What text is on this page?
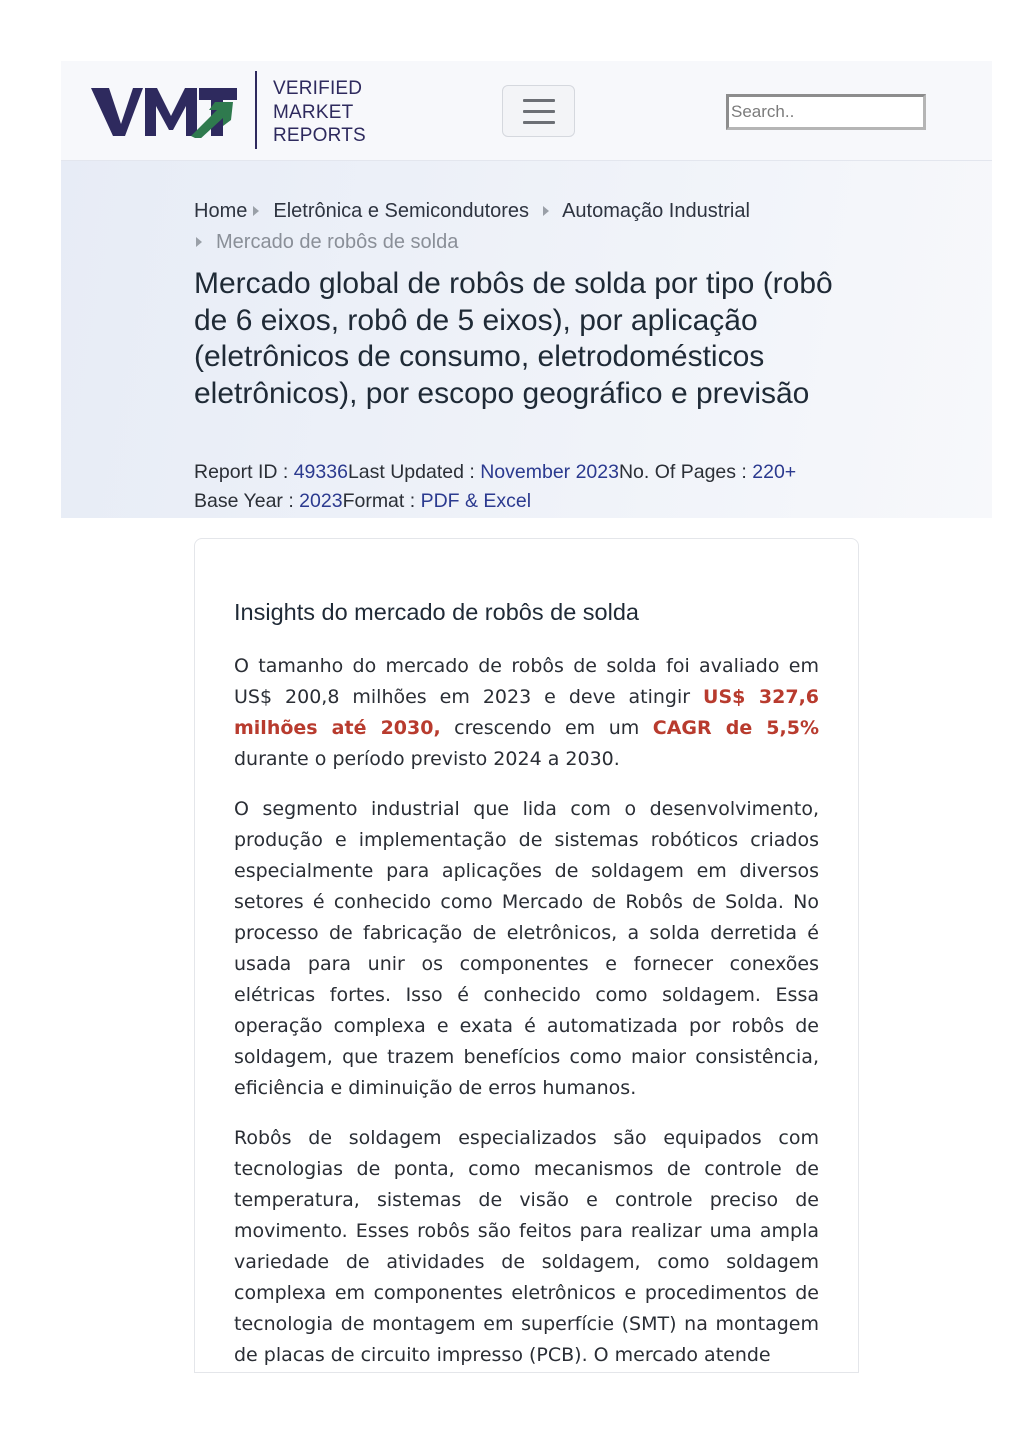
VERIFIED
MARKET
REPORTS
Search..
Home Eletrônica e Semicondutores Automação Industrial
Mercado de robôs de solda
Mercado global de robôs de solda por tipo (robô de 6 eixos, robô de 5 eixos), por aplicação (eletrônicos de consumo, eletrodomésticos eletrônicos), por escopo geográfico e previsão
Report ID : 49336Last Updated : November 2023No. Of Pages : 220+
Base Year : 2023Format : PDF & Excel
Insights do mercado de robôs de solda

O tamanho do mercado de robôs de solda foi avaliado em US$ 200,8 milhões em 2023 e deve atingir US$ 327,6 milhões até 2030, crescendo em um CAGR de 5,5% durante o período previsto 2024 a 2030.

O segmento industrial que lida com o desenvolvimento, produção e implementação de sistemas robóticos criados especialmente para aplicações de soldagem em diversos setores é conhecido como Mercado de Robôs de Solda. No processo de fabricação de eletrônicos, a solda derretida é usada para unir os componentes e fornecer conexões elétricas fortes. Isso é conhecido como soldagem. Essa operação complexa e exata é automatizada por robôs de soldagem, que trazem benefícios como maior consistência, eficiência e diminuição de erros humanos.

Robôs de soldagem especializados são equipados com tecnologias de ponta, como mecanismos de controle de temperatura, sistemas de visão e controle preciso de movimento. Esses robôs são feitos para realizar uma ampla variedade de atividades de soldagem, como soldagem complexa em componentes eletrônicos e procedimentos de tecnologia de montagem em superfície (SMT) na montagem de placas de circuito impresso (PCB). O mercado atende
